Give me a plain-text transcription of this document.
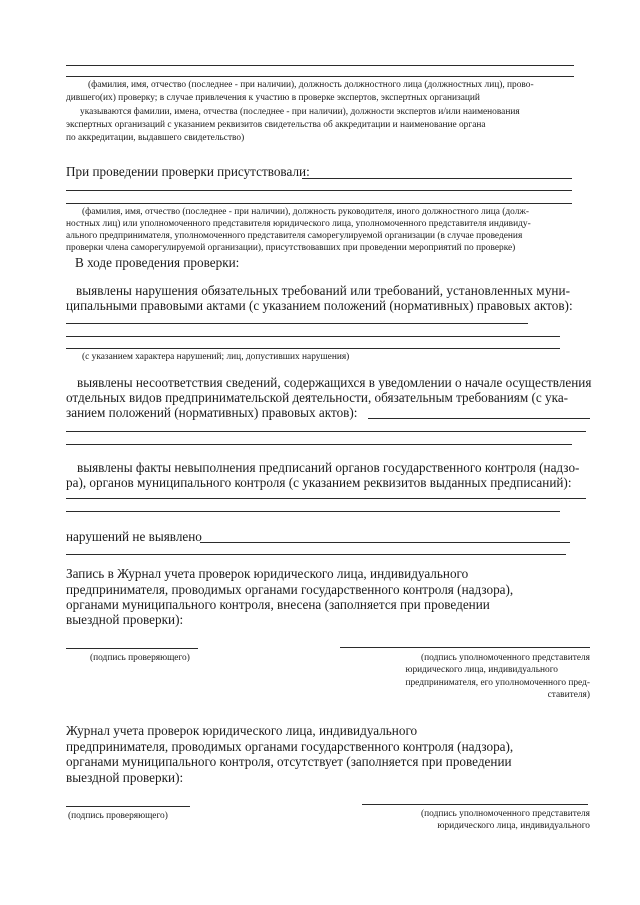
(фамилия, имя, отчество (последнее - при наличии), должность должностного лица (должностных лиц), прово-
дившего(их) проверку; в случае привлечения к участию в проверке экспертов, экспертных организаций
указываются фамилии, имена, отчества (последнее - при наличии), должности экспертов и/или наименования
экспертных организаций с указанием реквизитов свидетельства об аккредитации и наименование органа
по аккредитации, выдавшего свидетельство)
При проведении проверки присутствовали:
(фамилия, имя, отчество (последнее - при наличии), должность руководителя, иного должностного лица (долж-
ностных лиц) или уполномоченного представителя юридического лица, уполномоченного представителя индивиду-
ального предпринимателя, уполномоченного представителя саморегулируемой организации (в случае проведения
проверки члена саморегулируемой организации), присутствовавших при проведении мероприятий по проверке)
В ходе проведения проверки:
выявлены нарушения обязательных требований или требований, установленных муни-
ципальными правовыми актами (с указанием положений (нормативных) правовых актов):
(с указанием характера нарушений; лиц, допустивших нарушения)
выявлены несоответствия сведений, содержащихся в уведомлении о начале осуществления
отдельных видов предпринимательской деятельности, обязательным требованиям (с ука-
занием положений (нормативных) правовых актов):
выявлены факты невыполнения предписаний органов государственного контроля (надзо-
ра), органов муниципального контроля (с указанием реквизитов выданных предписаний):
нарушений не выявлено
Запись в Журнал учета проверок юридического лица, индивидуального
предпринимателя, проводимых органами государственного контроля (надзора),
органами муниципального контроля, внесена (заполняется при проведении
выездной проверки):
(подпись проверяющего)	(подпись уполномоченного представителя
юридического лица, индивидуального
предпринимателя, его уполномоченного пред-
ставителя)
Журнал учета проверок юридического лица, индивидуального
предпринимателя, проводимых органами государственного контроля (надзора),
органами муниципального контроля, отсутствует (заполняется при проведении
выездной проверки):
(подпись проверяющего)	(подпись уполномоченного представителя
юридического лица, индивидуального
